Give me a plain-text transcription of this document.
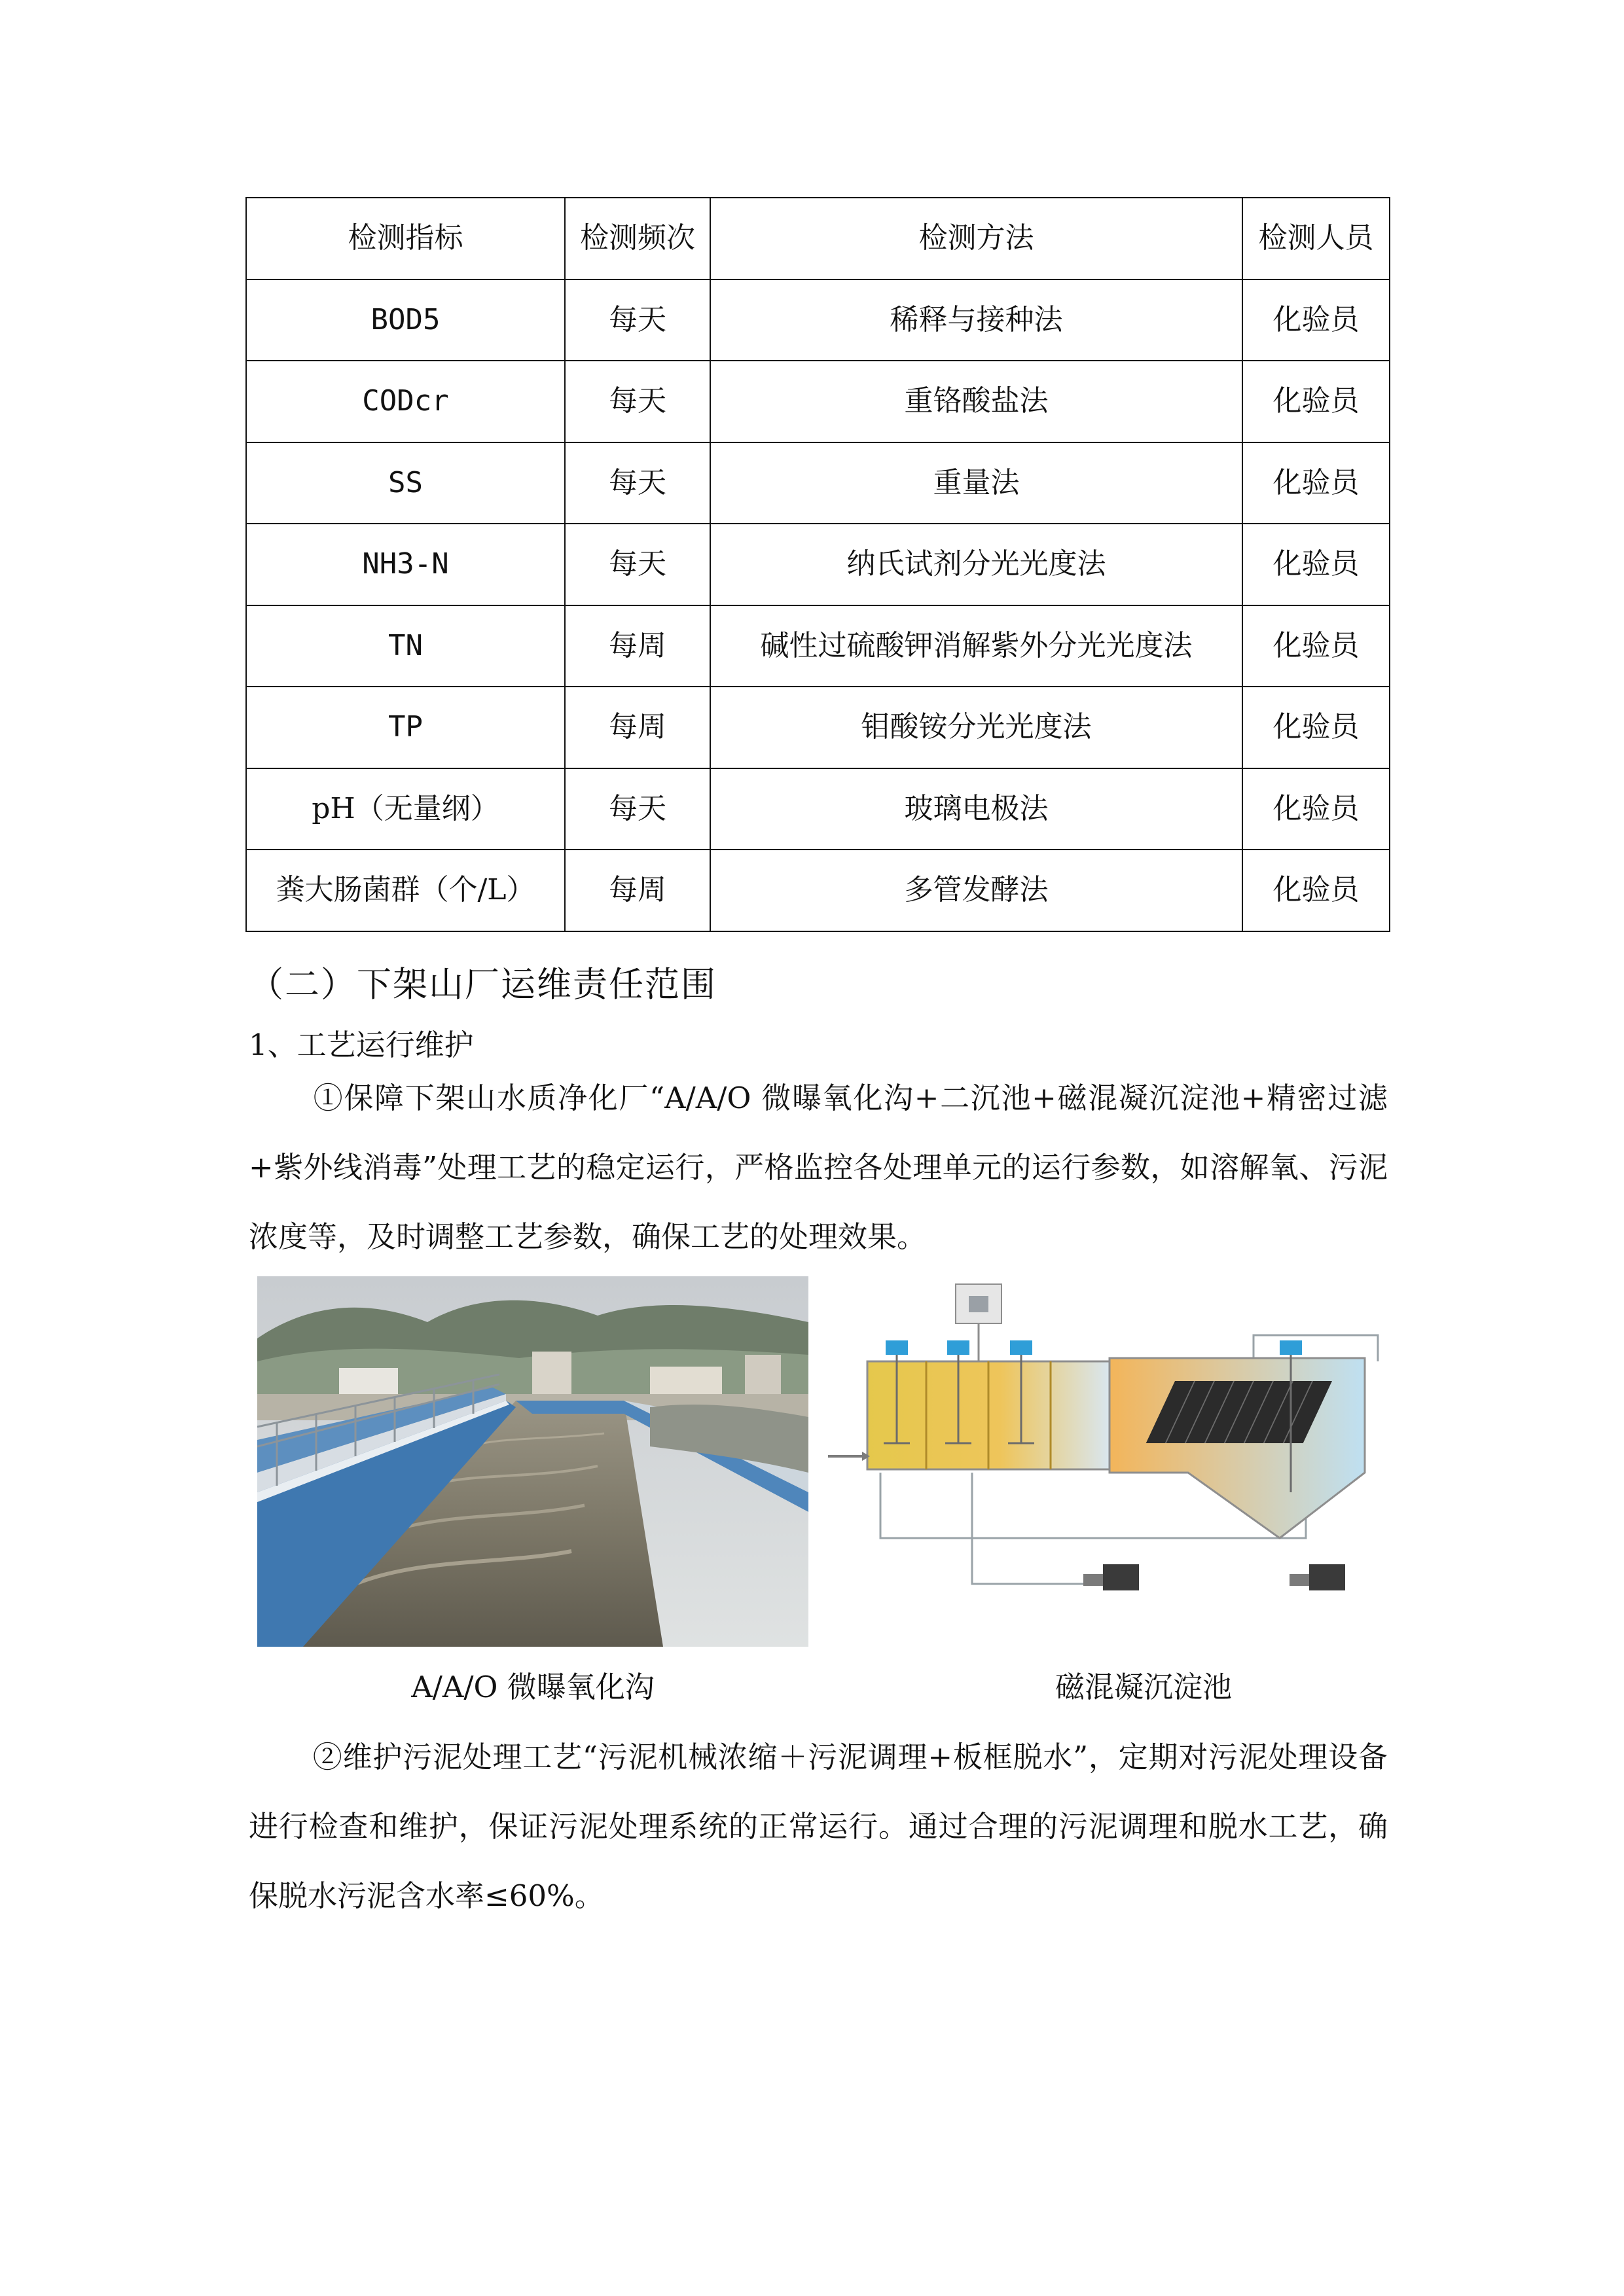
检测指标	检测频次	检测方法	检测人员
BOD5	每天	稀释与接种法	化验员
CODcr	每天	重铬酸盐法	化验员
SS	每天	重量法	化验员
NH3-N	每天	纳氏试剂分光光度法	化验员
TN	每周	碱性过硫酸钾消解紫外分光光度法	化验员
TP	每周	钼酸铵分光光度法	化验员
pH（无量纲）	每天	玻璃电极法	化验员
粪大肠菌群（个/L）	每周	多管发酵法	化验员
（二）下架山厂运维责任范围
1、工艺运行维护
①保障下架山水质净化厂“A/A/O 微曝氧化沟+二沉池+磁混凝沉淀池+精密过滤+紫外线消毒”处理工艺的稳定运行，严格监控各处理单元的运行参数，如溶解氧、污泥浓度等，及时调整工艺参数，确保工艺的处理效果。
A/A/O 微曝氧化沟	磁混凝沉淀池
②维护污泥处理工艺“污泥机械浓缩＋污泥调理+板框脱水”，定期对污泥处理设备进行检查和维护，保证污泥处理系统的正常运行。通过合理的污泥调理和脱水工艺，确保脱水污泥含水率≤60%。
